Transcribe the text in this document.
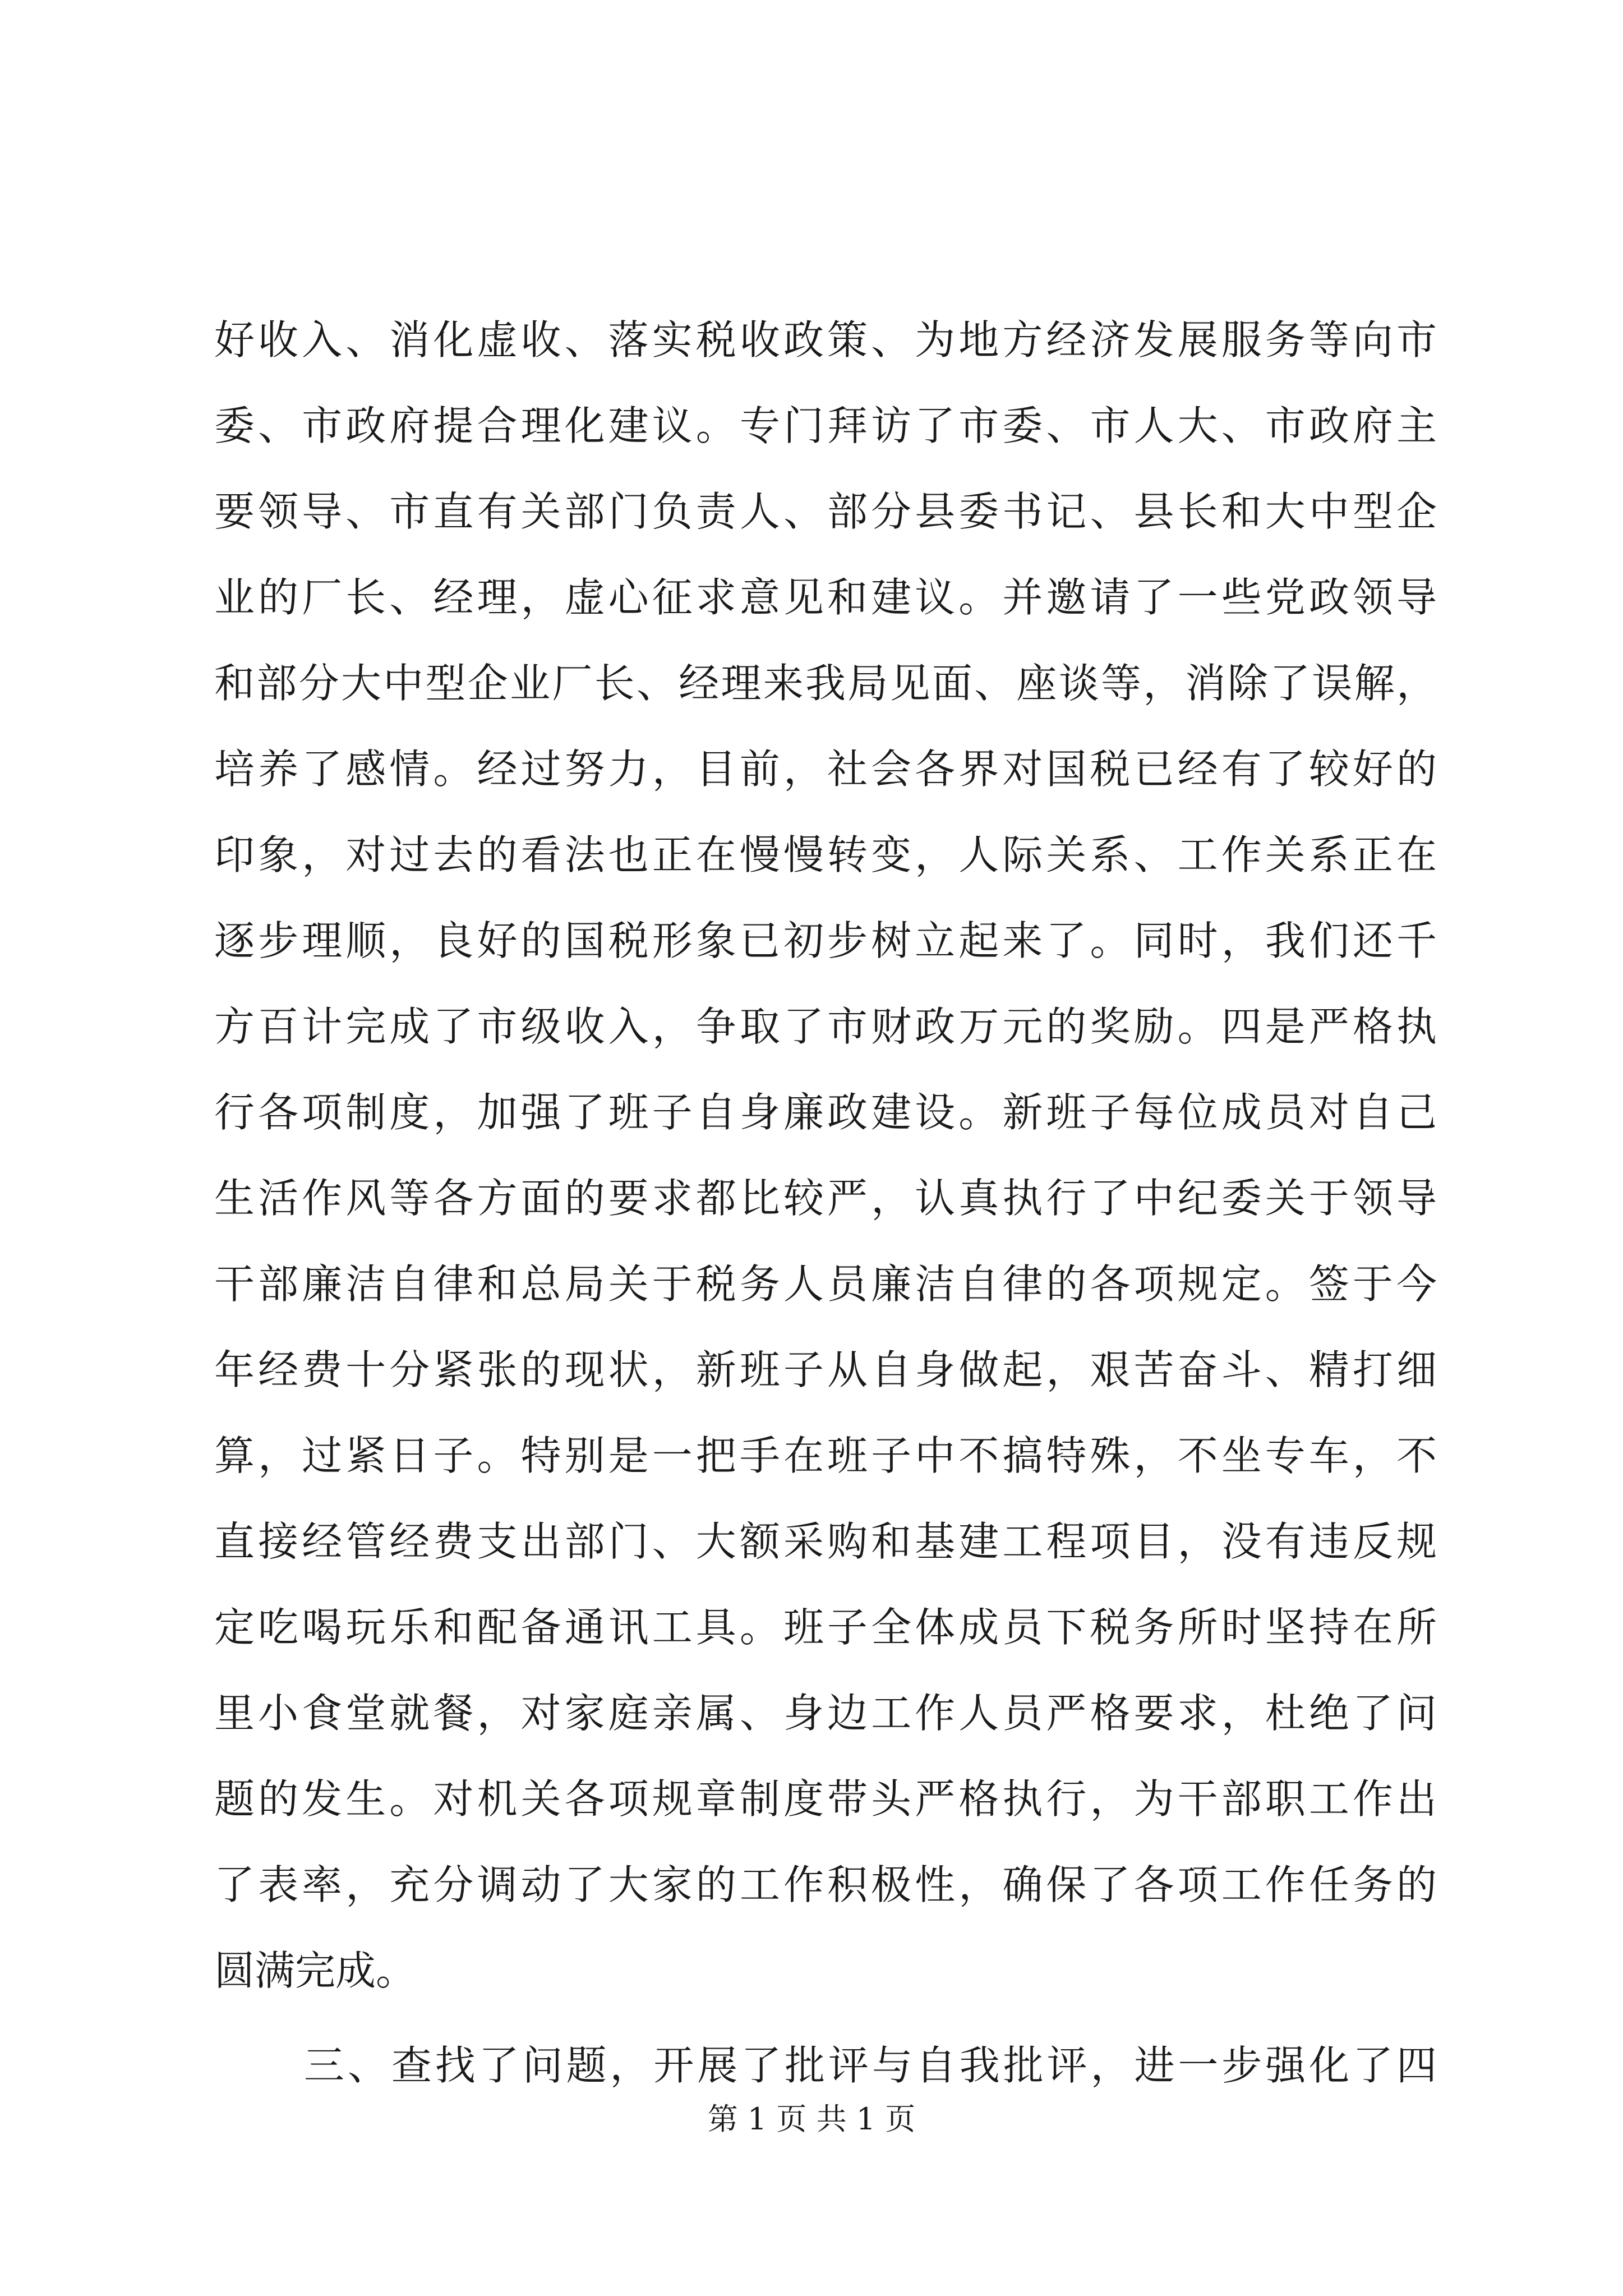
好收入、消化虚收、落实税收政策、为地方经济发展服务等向市
委、市政府提合理化建议。专门拜访了市委、市人大、市政府主
要领导、市直有关部门负责人、部分县委书记、县长和大中型企
业的厂长、经理，虚心征求意见和建议。并邀请了一些党政领导
和部分大中型企业厂长、经理来我局见面、座谈等，消除了误解，
培养了感情。经过努力，目前，社会各界对国税已经有了较好的
印象，对过去的看法也正在慢慢转变，人际关系、工作关系正在
逐步理顺，良好的国税形象已初步树立起来了。同时，我们还千
方百计完成了市级收入，争取了市财政万元的奖励。四是严格执
行各项制度，加强了班子自身廉政建设。新班子每位成员对自己
生活作风等各方面的要求都比较严，认真执行了中纪委关于领导
干部廉洁自律和总局关于税务人员廉洁自律的各项规定。签于今
年经费十分紧张的现状，新班子从自身做起，艰苦奋斗、精打细
算，过紧日子。特别是一把手在班子中不搞特殊，不坐专车，不
直接经管经费支出部门、大额采购和基建工程项目，没有违反规
定吃喝玩乐和配备通讯工具。班子全体成员下税务所时坚持在所
里小食堂就餐，对家庭亲属、身边工作人员严格要求，杜绝了问
题的发生。对机关各项规章制度带头严格执行，为干部职工作出
了表率，充分调动了大家的工作积极性，确保了各项工作任务的
圆满完成。
三、查找了问题，开展了批评与自我批评，进一步强化了四
第 1 页 共 1 页
